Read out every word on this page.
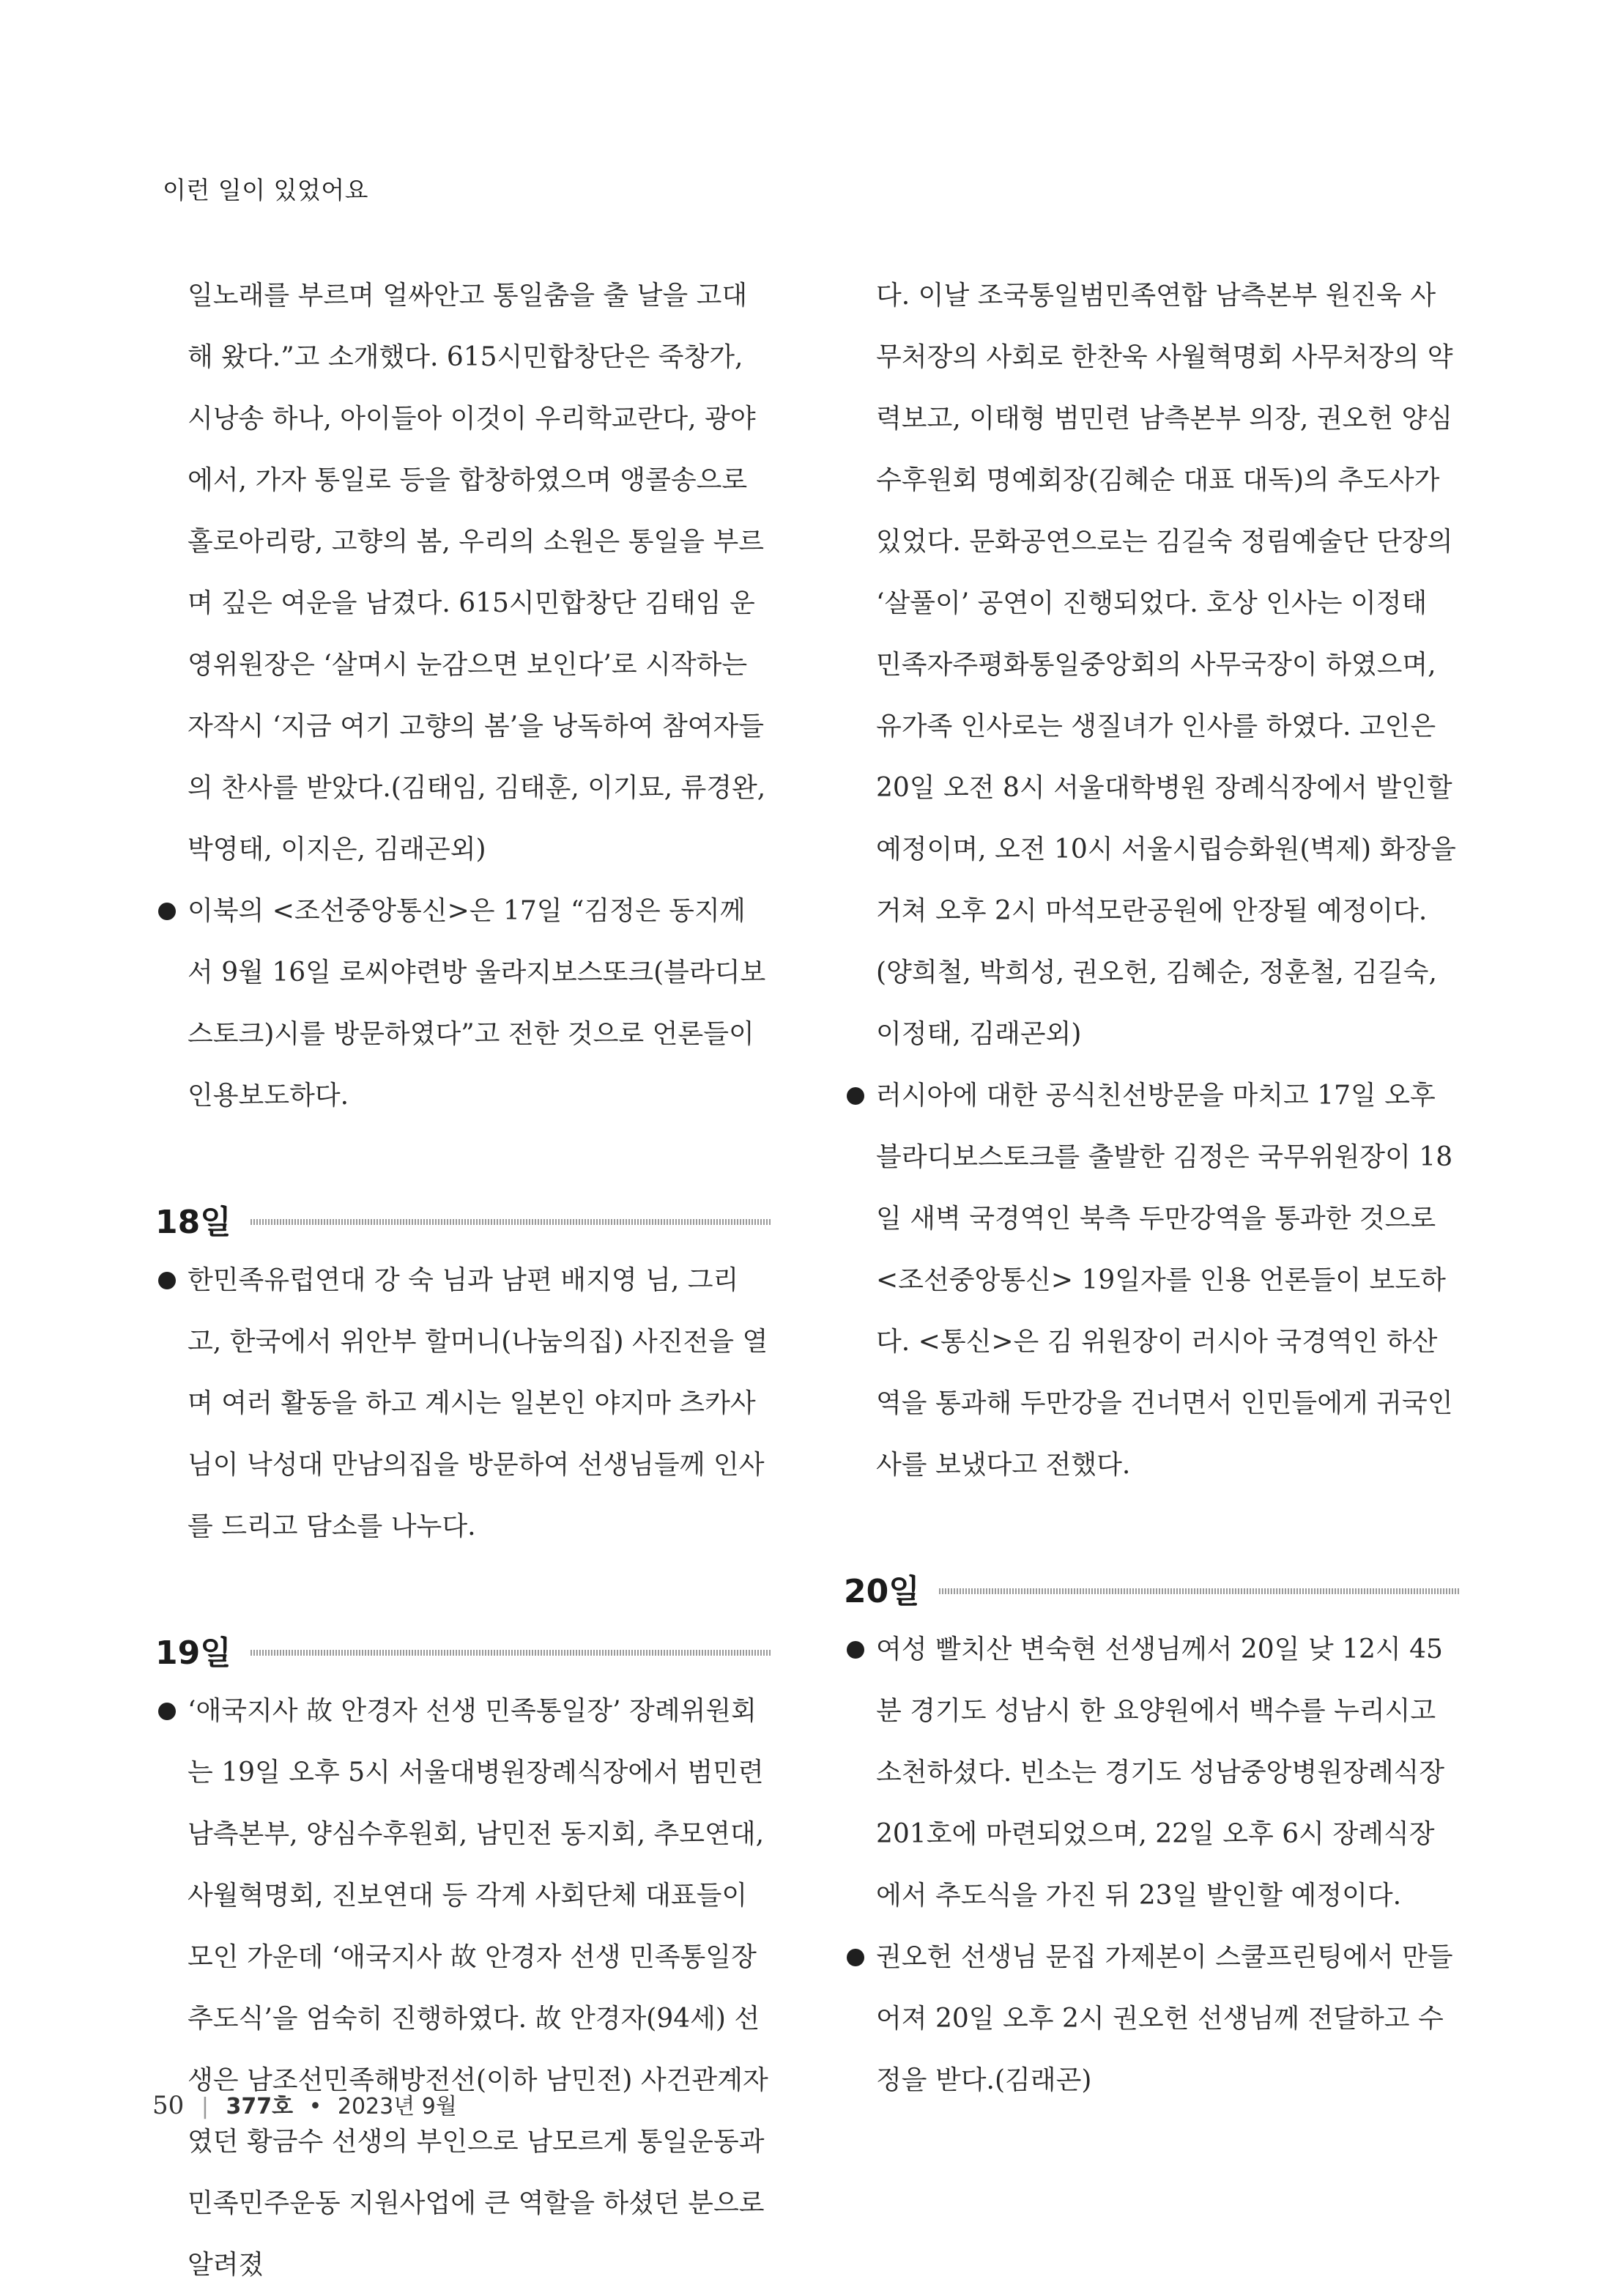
이런 일이 있었어요

일노래를 부르며 얼싸안고 통일춤을 출 날을 고대해 왔다.”고 소개했다. 615시민합창단은 죽창가, 시낭송 하나, 아이들아 이것이 우리학교란다, 광야에서, 가자 통일로 등을 합창하였으며 앵콜송으로 홀로아리랑, 고향의 봄, 우리의 소원은 통일을 부르며 깊은 여운을 남겼다. 615시민합창단 김태임 운영위원장은 ‘살며시 눈감으면 보인다’로 시작하는 자작시 ‘지금 여기 고향의 봄’을 낭독하여 참여자들의 찬사를 받았다.(김태임, 김태훈, 이기묘, 류경완, 박영태, 이지은, 김래곤외)

이북의 <조선중앙통신>은 17일 “김정은 동지께서 9월 16일 로씨야련방 울라지보스또크(블라디보스토크)시를 방문하였다”고 전한 것으로 언론들이 인용보도하다.
18일
한민족유럽연대 강 숙 님과 남편 배지영 님, 그리고, 한국에서 위안부 할머니(나눔의집) 사진전을 열며 여러 활동을 하고 계시는 일본인 야지마 츠카사 님이 낙성대 만남의집을 방문하여 선생님들께 인사를 드리고 담소를 나누다.
19일
‘애국지사 故 안경자 선생 민족통일장’ 장례위원회는 19일 오후 5시 서울대병원장례식장에서 범민련 남측본부, 양심수후원회, 남민전 동지회, 추모연대, 사월혁명회, 진보연대 등 각계 사회단체 대표들이 모인 가운데 ‘애국지사 故 안경자 선생 민족통일장 추도식’을 엄숙히 진행하였다. 故 안경자(94세) 선생은 남조선민족해방전선(이하 남민전) 사건관계자였던 황금수 선생의 부인으로 남모르게 통일운동과 민족민주운동 지원사업에 큰 역할을 하셨던 분으로 알려졌

다. 이날 조국통일범민족연합 남측본부 원진욱 사무처장의 사회로 한찬욱 사월혁명회 사무처장의 약력보고, 이태형 범민련 남측본부 의장, 권오헌 양심수후원회 명예회장(김혜순 대표 대독)의 추도사가 있었다. 문화공연으로는 김길숙 정림예술단 단장의 ‘살풀이’ 공연이 진행되었다. 호상 인사는 이정태 민족자주평화통일중앙회의 사무국장이 하였으며, 유가족 인사로는 생질녀가 인사를 하였다. 고인은 20일 오전 8시 서울대학병원 장례식장에서 발인할 예정이며, 오전 10시 서울시립승화원(벽제) 화장을 거쳐 오후 2시 마석모란공원에 안장될 예정이다.(양희철, 박희성, 권오헌, 김혜순, 정훈철, 김길숙, 이정태, 김래곤외)

러시아에 대한 공식친선방문을 마치고 17일 오후 블라디보스토크를 출발한 김정은 국무위원장이 18일 새벽 국경역인 북측 두만강역을 통과한 것으로 <조선중앙통신> 19일자를 인용 언론들이 보도하다. <통신>은 김 위원장이 러시아 국경역인 하산역을 통과해 두만강을 건너면서 인민들에게 귀국인사를 보냈다고 전했다.
20일
여성 빨치산 변숙현 선생님께서 20일 낮 12시 45분 경기도 성남시 한 요양원에서 백수를 누리시고 소천하셨다. 빈소는 경기도 성남중앙병원장례식장 201호에 마련되었으며, 22일 오후 6시 장례식장에서 추도식을 가진 뒤 23일 발인할 예정이다.
권오헌 선생님 문집 가제본이 스쿨프린팅에서 만들어져 20일 오후 2시 권오헌 선생님께 전달하고 수정을 받다.(김래곤)
50 | 377호 • 2023년 9월
